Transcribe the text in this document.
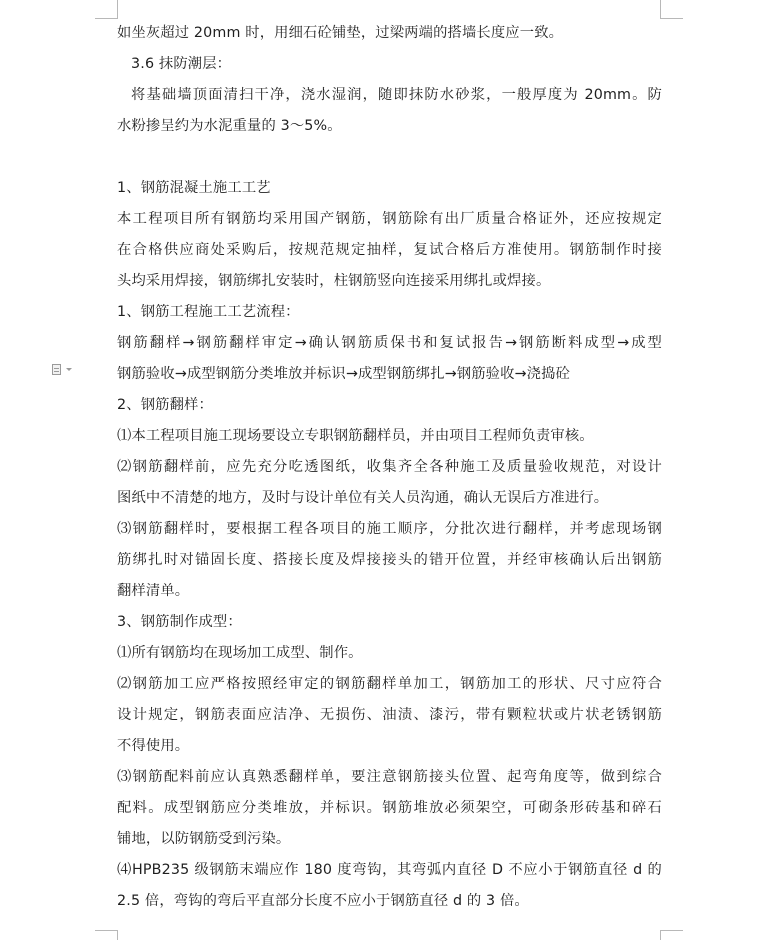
如坐灰超过 20mm 时，用细石砼铺垫，过梁两端的搭墙长度应一致。
3.6 抹防潮层：
将基础墙顶面清扫干净，浇水湿润，随即抹防水砂浆，一般厚度为 20mm。防
水粉掺呈约为水泥重量的 3～5%。
1、钢筋混凝土施工工艺
本工程项目所有钢筋均采用国产钢筋，钢筋除有出厂质量合格证外，还应按规定
在合格供应商处采购后，按规范规定抽样，复试合格后方准使用。钢筋制作时接
头均采用焊接，钢筋绑扎安装时，柱钢筋竖向连接采用绑扎或焊接。
1、钢筋工程施工工艺流程：
钢筋翻样→钢筋翻样审定→确认钢筋质保书和复试报告→钢筋断料成型→成型
钢筋验收→成型钢筋分类堆放并标识→成型钢筋绑扎→钢筋验收→浇捣砼
2、钢筋翻样：
⑴本工程项目施工现场要设立专职钢筋翻样员，并由项目工程师负责审核。
⑵钢筋翻样前，应先充分吃透图纸，收集齐全各种施工及质量验收规范，对设计
图纸中不清楚的地方，及时与设计单位有关人员沟通，确认无误后方准进行。
⑶钢筋翻样时，要根据工程各项目的施工顺序，分批次进行翻样，并考虑现场钢
筋绑扎时对锚固长度、搭接长度及焊接接头的错开位置，并经审核确认后出钢筋
翻样清单。
3、钢筋制作成型：
⑴所有钢筋均在现场加工成型、制作。
⑵钢筋加工应严格按照经审定的钢筋翻样单加工，钢筋加工的形状、尺寸应符合
设计规定，钢筋表面应洁净、无损伤、油渍、漆污，带有颗粒状或片状老锈钢筋
不得使用。
⑶钢筋配料前应认真熟悉翻样单，要注意钢筋接头位置、起弯角度等，做到综合
配料。成型钢筋应分类堆放，并标识。钢筋堆放必须架空，可砌条形砖基和碎石
铺地，以防钢筋受到污染。
⑷HPB235 级钢筋末端应作 180 度弯钩，其弯弧内直径 D 不应小于钢筋直径 d 的
2.5 倍，弯钩的弯后平直部分长度不应小于钢筋直径 d 的 3 倍。
